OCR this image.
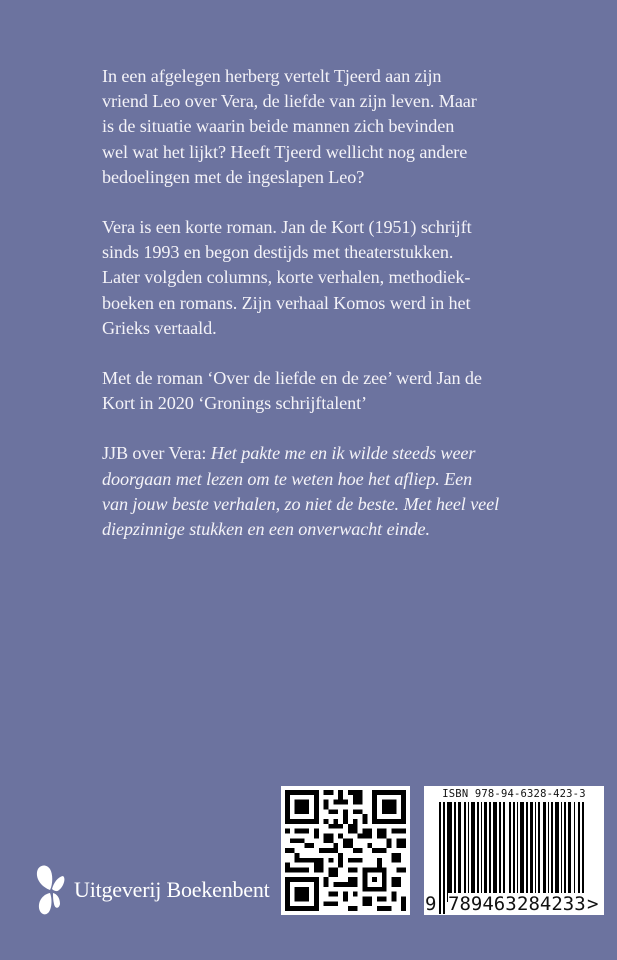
In een afgelegen herberg vertelt Tjeerd aan zijn
vriend Leo over Vera, de liefde van zijn leven. Maar
is de situatie waarin beide mannen zich bevinden
wel wat het lijkt? Heeft Tjeerd wellicht nog andere
bedoelingen met de ingeslapen Leo?

Vera is een korte roman. Jan de Kort (1951) schrijft
sinds 1993 en begon destijds met theaterstukken.
Later volgden columns, korte verhalen, methodiek-
boeken en romans. Zijn verhaal Komos werd in het
Grieks vertaald.

Met de roman ‘Over de liefde en de zee’ werd Jan de
Kort in 2020 ‘Gronings schrijftalent’

JJB over Vera: Het pakte me en ik wilde steeds weer
doorgaan met lezen om te weten hoe het afliep. Een
van jouw beste verhalen, zo niet de beste. Met heel veel
diepzinnige stukken en een onverwacht einde.

Uitgeverij Boekenbent
ISBN 978-94-6328-423-3
9 789463 284233 >
